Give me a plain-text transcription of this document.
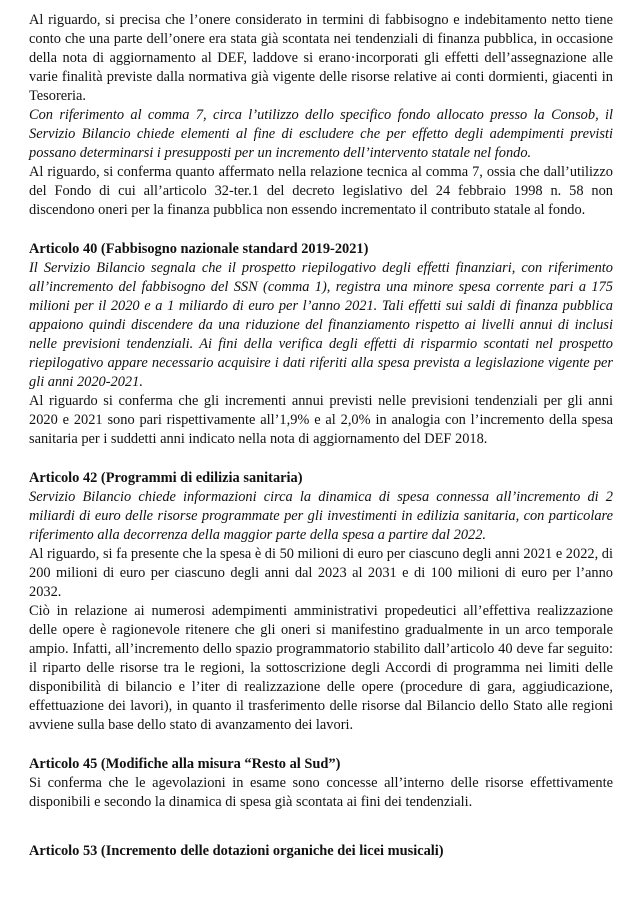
Al riguardo, si precisa che l’onere considerato in termini di fabbisogno e indebitamento netto tiene conto che una parte dell’onere era stata già scontata nei tendenziali di finanza pubblica, in occasione della nota di aggiornamento al DEF, laddove si erano·incorporati gli effetti dell’assegnazione alle varie finalità previste dalla normativa già vigente delle risorse relative ai conti dormienti, giacenti in Tesoreria.

Con riferimento al comma 7, circa l’utilizzo dello specifico fondo allocato presso la Consob, il Servizio Bilancio chiede elementi al fine di escludere che per effetto degli adempimenti previsti possano determinarsi i presupposti per un incremento dell’intervento statale nel fondo.

Al riguardo, si conferma quanto affermato nella relazione tecnica al comma 7, ossia che dall’utilizzo del Fondo di cui all’articolo 32-ter.1 del decreto legislativo del 24 febbraio 1998 n. 58 non discendono oneri per la finanza pubblica non essendo incrementato il contributo statale al fondo.

Articolo 40 (Fabbisogno nazionale standard 2019-2021)

Il Servizio Bilancio segnala che il prospetto riepilogativo degli effetti finanziari, con riferimento all’incremento del fabbisogno del SSN (comma 1), registra una minore spesa corrente pari a 175 milioni per il 2020 e a 1 miliardo di euro per l’anno 2021. Tali effetti sui saldi di finanza pubblica appaiono quindi discendere da una riduzione del finanziamento rispetto ai livelli annui di inclusi nelle previsioni tendenziali. Ai fini della verifica degli effetti di risparmio scontati nel prospetto riepilogativo appare necessario acquisire i dati riferiti alla spesa prevista a legislazione vigente per gli anni 2020-2021.

Al riguardo si conferma che gli incrementi annui previsti nelle previsioni tendenziali per gli anni 2020 e 2021 sono pari rispettivamente all’1,9% e al 2,0% in analogia con l’incremento della spesa sanitaria per i suddetti anni indicato nella nota di aggiornamento del DEF 2018.

Articolo 42 (Programmi di edilizia sanitaria)

Servizio Bilancio chiede informazioni circa la dinamica di spesa connessa all’incremento di 2 miliardi di euro delle risorse programmate per gli investimenti in edilizia sanitaria, con particolare riferimento alla decorrenza della maggior parte della spesa a partire dal 2022.

Al riguardo, si fa presente che la spesa è di 50 milioni di euro per ciascuno degli anni 2021 e 2022, di 200 milioni di euro per ciascuno degli anni dal 2023 al 2031 e di 100 milioni di euro per l’anno 2032.

Ciò in relazione ai numerosi adempimenti amministrativi propedeutici all’effettiva realizzazione delle opere è ragionevole ritenere che gli oneri si manifestino gradualmente in un arco temporale ampio. Infatti, all’incremento dello spazio programmatorio stabilito dall’articolo 40 deve far seguito: il riparto delle risorse tra le regioni, la sottoscrizione degli Accordi di programma nei limiti delle disponibilità di bilancio e l’iter di realizzazione delle opere (procedure di gara, aggiudicazione, effettuazione dei lavori), in quanto il trasferimento delle risorse dal Bilancio dello Stato alle regioni avviene sulla base dello stato di avanzamento dei lavori.

Articolo 45 (Modifiche alla misura “Resto al Sud”)

Si conferma che le agevolazioni in esame sono concesse all’interno delle risorse effettivamente disponibili e secondo la dinamica di spesa già scontata ai fini dei tendenziali.

Articolo 53 (Incremento delle dotazioni organiche dei licei musicali)
